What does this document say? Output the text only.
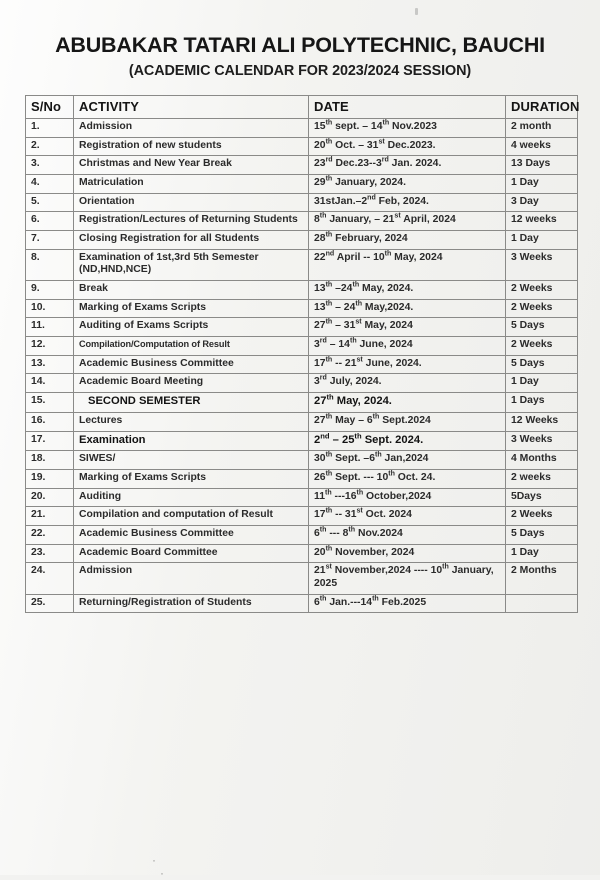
ABUBAKAR TATARI ALI POLYTECHNIC, BAUCHI
(ACADEMIC CALENDAR FOR 2023/2024 SESSION)
S/No	ACTIVITY	DATE	DURATION
1.	Admission	15th sept. – 14th Nov.2023	2 month
2.	Registration of new students	20th Oct. – 31st Dec.2023.	4 weeks
3.	Christmas and New Year Break	23rd Dec.23--3rd Jan. 2024.	13 Days
4.	Matriculation	29th January, 2024.	1 Day
5.	Orientation	31stJan.–2nd Feb, 2024.	3 Day
6.	Registration/Lectures of Returning Students	8th January, – 21st April, 2024	12 weeks
7.	Closing Registration for all Students	28th February, 2024	1 Day
8.	Examination of 1st,3rd 5th Semester (ND,HND,NCE)	22nd April -- 10th May, 2024	3 Weeks
9.	Break	13th –24th May, 2024.	2 Weeks
10.	Marking of Exams Scripts	13th – 24th May,2024.	2 Weeks
11.	Auditing of Exams Scripts	27th – 31st May, 2024	5 Days
12.	Compilation/Computation of Result	3rd – 14th June, 2024	2 Weeks
13.	Academic Business Committee	17th -- 21st June, 2024.	5 Days
14.	Academic Board Meeting	3rd July, 2024.	1 Day
15.	SECOND SEMESTER	27th May, 2024.	1 Days
16.	Lectures	27th May – 6th Sept.2024	12 Weeks
17.	Examination	2nd – 25th Sept. 2024.	3 Weeks
18.	SIWES/	30th Sept. –6th Jan,2024	4 Months
19.	Marking of Exams Scripts	26th Sept. --- 10th Oct. 24.	2 weeks
20.	Auditing	11th ---16th October,2024	5Days
21.	Compilation and computation of Result	17th -- 31st Oct. 2024	2 Weeks
22.	Academic Business Committee	6th --- 8th Nov.2024	5 Days
23.	Academic Board Committee	20th November, 2024	1 Day
24.	Admission	21st November,2024 ---- 10th January, 2025	2 Months
25.	Returning/Registration of Students	6th Jan.---14th Feb.2025	
·
·
